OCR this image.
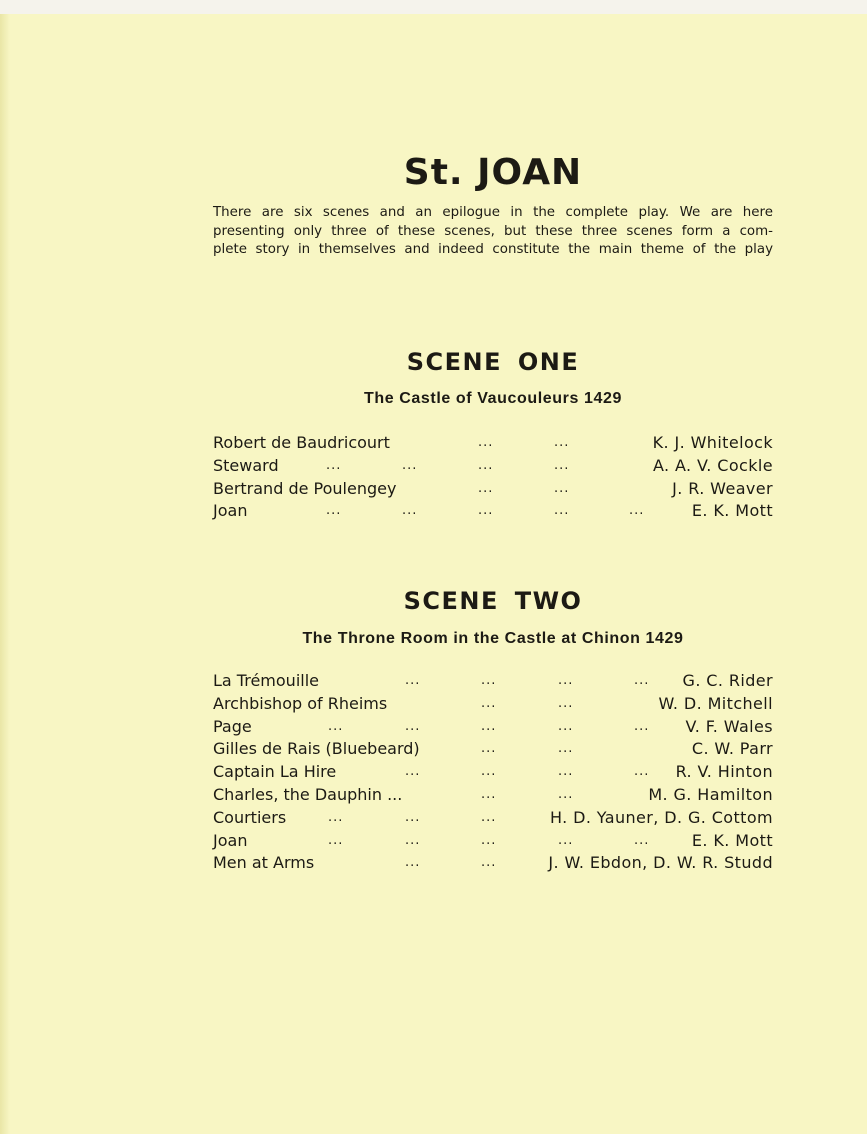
St. JOAN

There are six scenes and an epilogue in the complete play. We are here
presenting only three of these scenes, but these three scenes form a com-
plete story in themselves and indeed constitute the main theme of the play

SCENE ONE
The Castle of Vaucouleurs 1429
Robert de Baudricourt	...	...	K. J. Whitelock
Steward	...	...	...	...	A. A. V. Cockle
Bertrand de Poulengey	...	...	J. R. Weaver
Joan	...	...	...	...	...	E. K. Mott
SCENE TWO
The Throne Room in the Castle at Chinon 1429
La Trémouille	...	...	...	... G. C. Rider
Archbishop of Rheims	...	...	W. D. Mitchell
Page	...	...	...	...	... V. F. Wales
Gilles de Rais (Bluebeard)	...	...	C. W. Parr
Captain La Hire	...	...	...	... R. V. Hinton
Charles, the Dauphin ...	...	...	M. G. Hamilton
Courtiers	...	...	...	H. D. Yauner, D. G. Cottom
Joan	...	...	...	...	...	E. K. Mott
Men at Arms	...	...	J. W. Ebdon, D. W. R. Studd
